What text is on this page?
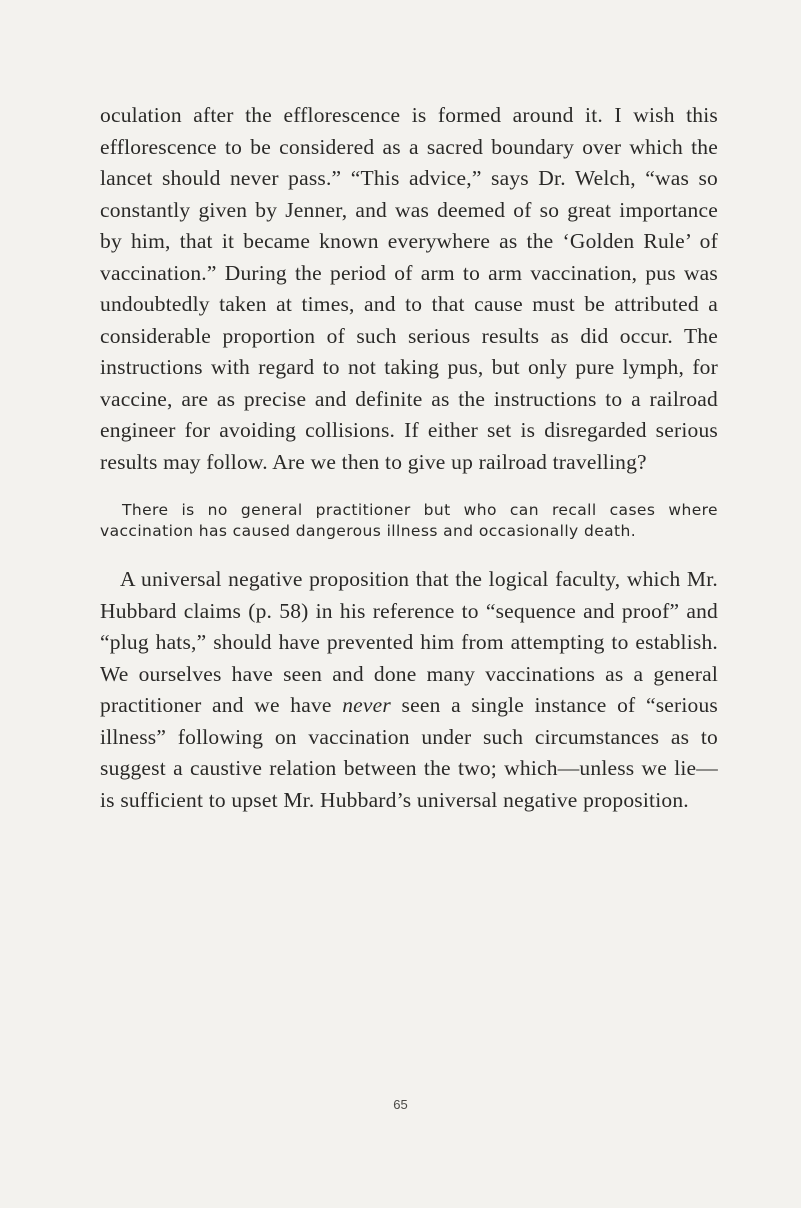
oculation after the efflorescence is formed around it. I wish this efflorescence to be considered as a sacred boundary over which the lancet should never pass.” “This advice,” says Dr. Welch, “was so constantly given by Jenner, and was deemed of so great importance by him, that it became known everywhere as the ‘Golden Rule’ of vaccination.” During the period of arm to arm vaccination, pus was undoubtedly taken at times, and to that cause must be attributed a considerable proportion of such serious results as did occur. The instructions with regard to not taking pus, but only pure lymph, for vaccine, are as precise and definite as the instructions to a railroad engineer for avoiding collisions. If either set is disregarded serious results may follow. Are we then to give up railroad travelling?

There is no general practitioner but who can recall cases where vaccination has caused dangerous illness and occasionally death.

A universal negative proposition that the logical faculty, which Mr. Hubbard claims (p. 58) in his reference to “sequence and proof” and “plug hats,” should have prevented him from attempting to establish. We ourselves have seen and done many vaccinations as a general practitioner and we have never seen a single instance of “serious illness” following on vaccination under such circumstances as to suggest a caustive relation between the two; which—unless we lie—is sufficient to upset Mr. Hubbard’s universal negative proposition.

65
